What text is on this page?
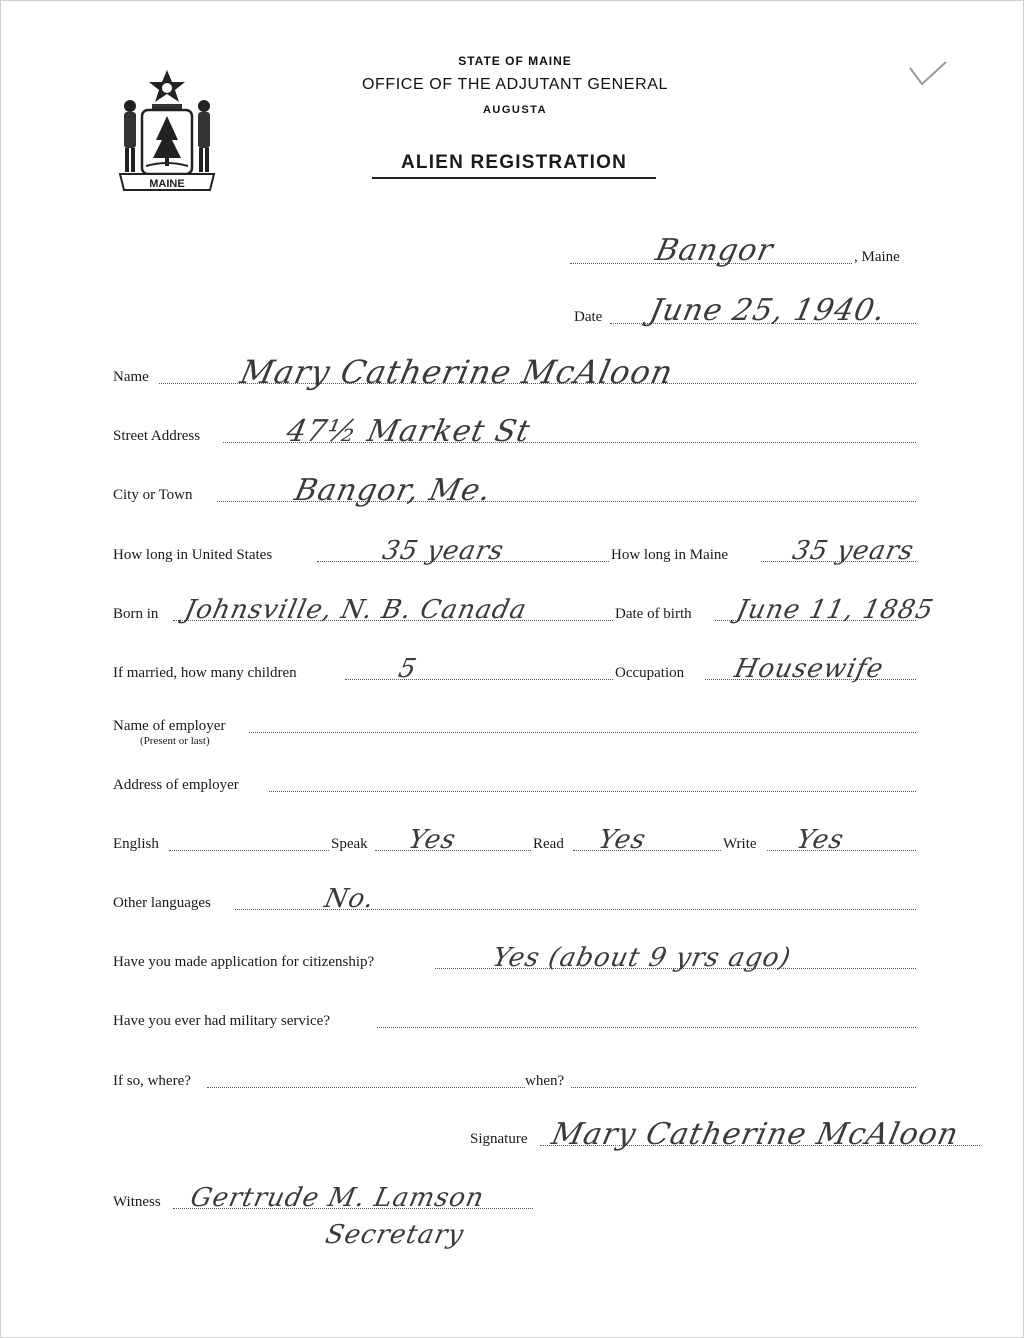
MAINE
STATE OF MAINE
OFFICE OF THE ADJUTANT GENERAL
AUGUSTA
ALIEN REGISTRATION
Bangor	, Maine
Date June 25, 1940.
Name	Mary Catherine McAloon
Street Address	47½ Market St
City or Town	Bangor, Me.
How long in United States	35 years	How long in Maine 35 years
Born in Johnsville, N. B. Canada	Date of birth June 11, 1885
If married, how many children	5	Occupation Housewife
Name of employer
(Present or last)
Address of employer
English	Speak Yes	Read Yes	Write Yes
Other languages	No.
Have you made application for citizenship?	Yes (about 9 yrs ago)
Have you ever had military service?
If so, where?	when?
Signature Mary Catherine McAloon
Witness Gertrude M. Lamson
Secretary
